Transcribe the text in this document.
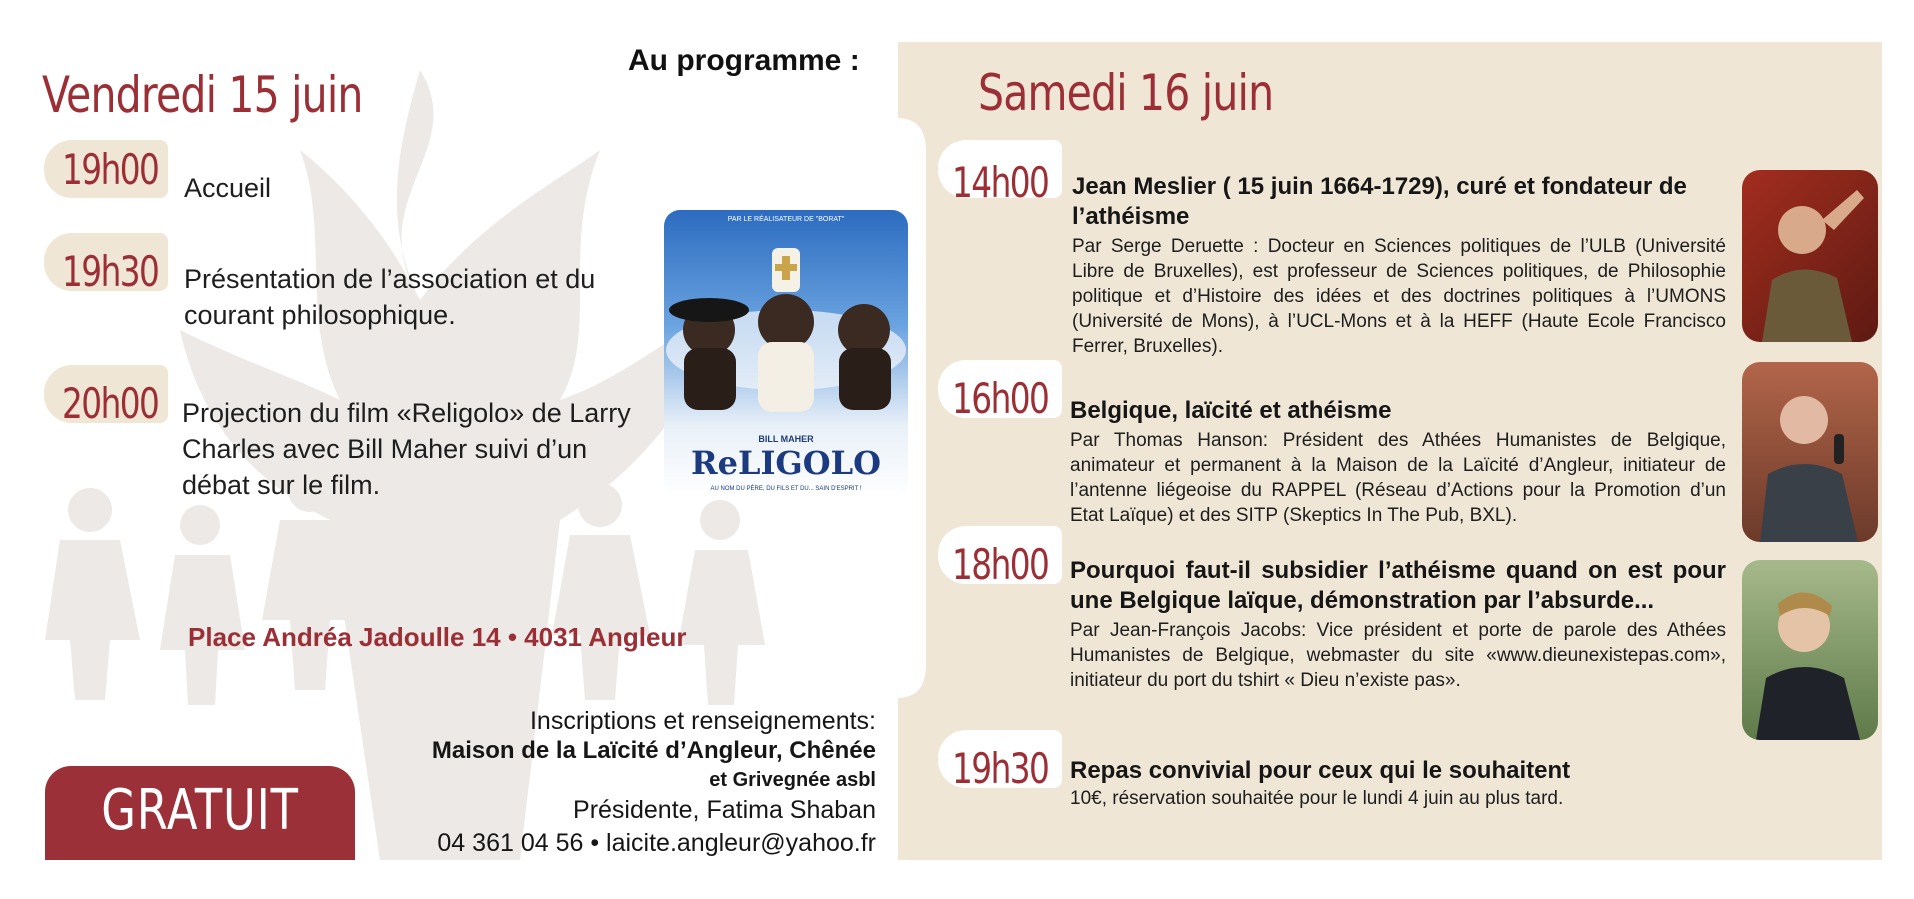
Au programme :
Vendredi 15 juin
19h00 Accueil
19h30 Présentation de l’association et du courant philosophique.
20h00 Projection du film «Religolo» de Larry Charles avec Bill Maher suivi d’un débat sur le film.
PAR LE RÉALISATEUR DE "BORAT"
BILL MAHER
ReLIGOLO
AU NOM DU PÈRE, DU FILS ET DU... SAIN D'ESPRIT !
Place Andréa Jadoulle 14 • 4031 Angleur
Inscriptions et renseignements:
Maison de la Laïcité d’Angleur, Chênée
et Grivegnée asbl
Présidente, Fatima Shaban
04 361 04 56 • laicite.angleur@yahoo.fr
GRATUIT
Samedi 16 juin
14h00 Jean Meslier ( 15 juin 1664-1729), curé et fondateur de l’athéisme
Par Serge Deruette : Docteur en Sciences politiques de l’ULB (Université Libre de Bruxelles), est professeur de Sciences politiques, de Philosophie politique et d’Histoire des idées et des doctrines politiques à l’UMONS (Université de Mons), à l’UCL-Mons et à la HEFF (Haute Ecole Francisco Ferrer, Bruxelles).
16h00 Belgique, laïcité et athéisme
Par Thomas Hanson: Président des Athées Humanistes de Belgique, animateur et permanent à la Maison de la Laïcité d’Angleur, initiateur de l’antenne liégeoise du RAPPEL (Réseau d’Actions pour la Promotion d’un Etat Laïque) et des SITP (Skeptics In The Pub, BXL).
18h00 Pourquoi faut-il subsidier l’athéisme quand on est pour une Belgique laïque, démonstration par l’absurde...
Par Jean-François Jacobs: Vice président et porte de parole des Athées Humanistes de Belgique, webmaster du site «www.dieunexistepas.com», initiateur du port du tshirt « Dieu n’existe pas».
19h30 Repas convivial pour ceux qui le souhaitent
10€, réservation souhaitée pour le lundi 4 juin au plus tard.
